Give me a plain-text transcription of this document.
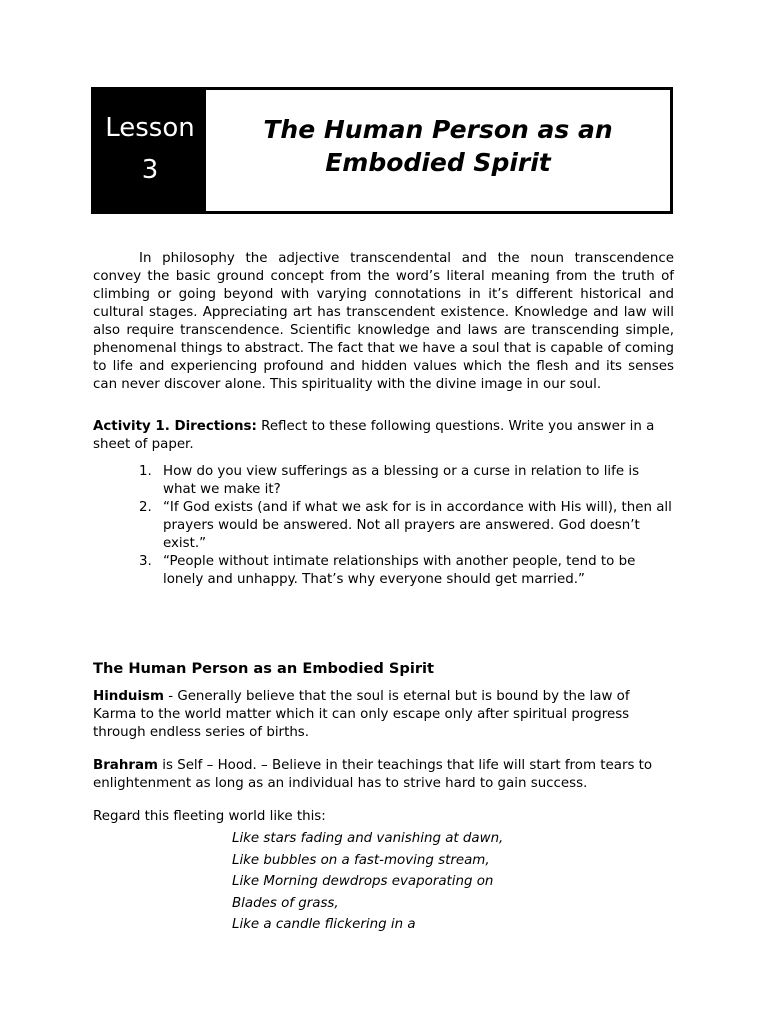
Lesson
3
The Human Person as an Embodied Spirit

In philosophy the adjective transcendental and the noun transcendence convey the basic ground concept from the word’s literal meaning from the truth of climbing or going beyond with varying connotations in it’s different historical and cultural stages. Appreciating art has transcendent existence. Knowledge and law will also require transcendence. Scientific knowledge and laws are transcending simple, phenomenal things to abstract. The fact that we have a soul that is capable of coming to life and experiencing profound and hidden values which the flesh and its senses can never discover alone. This spirituality with the divine image in our soul.

Activity 1. Directions: Reflect to these following questions. Write you answer in a sheet of paper.

1. How do you view sufferings as a blessing or a curse in relation to life is what we make it?
2. “If God exists (and if what we ask for is in accordance with His will), then all prayers would be answered. Not all prayers are answered. God doesn’t exist.”
3. “People without intimate relationships with another people, tend to be lonely and unhappy. That’s why everyone should get married.”
The Human Person as an Embodied Spirit

Hinduism - Generally believe that the soul is eternal but is bound by the law of Karma to the world matter which it can only escape only after spiritual progress through endless series of births.

Brahram is Self – Hood. – Believe in their teachings that life will start from tears to enlightenment as long as an individual has to strive hard to gain success.

Regard this fleeting world like this:
Like stars fading and vanishing at dawn,
Like bubbles on a fast-moving stream,
Like Morning dewdrops evaporating on
Blades of grass,
Like a candle flickering in a
